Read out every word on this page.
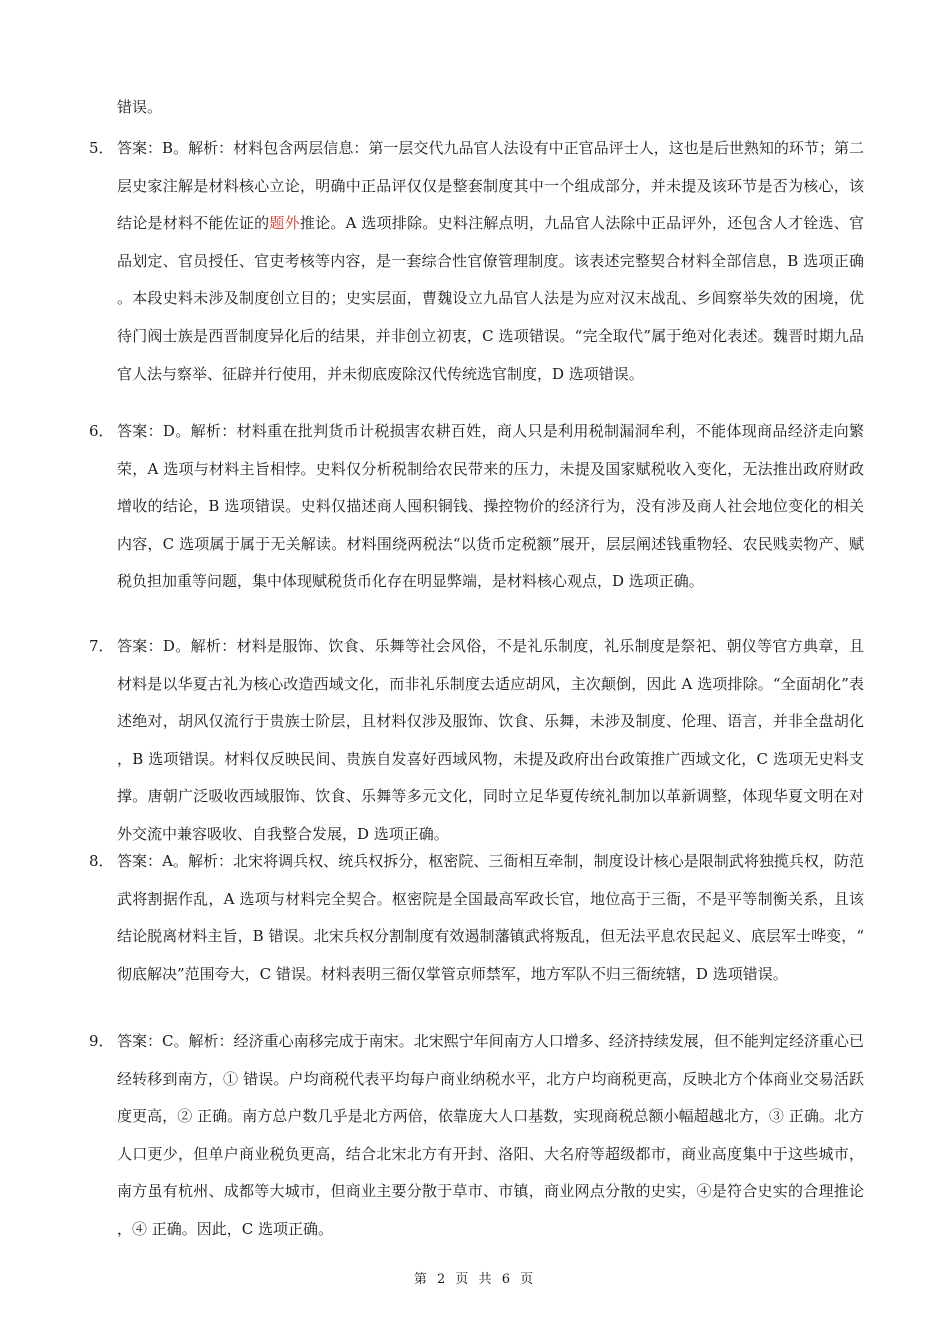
错误。
5． 答案：B。解析：材料包含两层信息：第一层交代九品官人法设有中正官品评士人，这也是后世熟知的环节；第二层史家注解是材料核心立论，明确中正品评仅仅是整套制度其中一个组成部分，并未提及该环节是否为核心，该结论是材料不能佐证的题外推论。A 选项排除。史料注解点明，九品官人法除中正品评外，还包含人才铨选、官品划定、官员授任、官吏考核等内容，是一套综合性官僚管理制度。该表述完整契合材料全部信息，B 选项正确。本段史料未涉及制度创立目的；史实层面，曹魏设立九品官人法是为应对汉末战乱、乡闾察举失效的困境，优待门阀士族是西晋制度异化后的结果，并非创立初衷，C 选项错误。“完全取代”属于绝对化表述。魏晋时期九品官人法与察举、征辟并行使用，并未彻底废除汉代传统选官制度，D 选项错误。
6． 答案：D。解析：材料重在批判货币计税损害农耕百姓，商人只是利用税制漏洞牟利，不能体现商品经济走向繁荣，A 选项与材料主旨相悖。史料仅分析税制给农民带来的压力，未提及国家赋税收入变化，无法推出政府财政增收的结论，B 选项错误。史料仅描述商人囤积铜钱、操控物价的经济行为，没有涉及商人社会地位变化的相关内容，C 选项属于属于无关解读。材料围绕两税法“以货币定税额”展开，层层阐述钱重物轻、农民贱卖物产、赋税负担加重等问题，集中体现赋税货币化存在明显弊端，是材料核心观点，D 选项正确。
7． 答案：D。解析：材料是服饰、饮食、乐舞等社会风俗，不是礼乐制度，礼乐制度是祭祀、朝仪等官方典章，且材料是以华夏古礼为核心改造西域文化，而非礼乐制度去适应胡风，主次颠倒，因此 A 选项排除。“全面胡化”表述绝对，胡风仅流行于贵族士阶层，且材料仅涉及服饰、饮食、乐舞，未涉及制度、伦理、语言，并非全盘胡化，B 选项错误。材料仅反映民间、贵族自发喜好西域风物，未提及政府出台政策推广西域文化，C 选项无史料支撑。唐朝广泛吸收西域服饰、饮食、乐舞等多元文化，同时立足华夏传统礼制加以革新调整，体现华夏文明在对外交流中兼容吸收、自我整合发展，D 选项正确。
8． 答案：A。解析：北宋将调兵权、统兵权拆分，枢密院、三衙相互牵制，制度设计核心是限制武将独揽兵权，防范武将割据作乱，A 选项与材料完全契合。枢密院是全国最高军政长官，地位高于三衙，不是平等制衡关系，且该结论脱离材料主旨，B 错误。北宋兵权分割制度有效遏制藩镇武将叛乱，但无法平息农民起义、底层军士哗变，“彻底解决”范围夸大，C 错误。材料表明三衙仅掌管京师禁军，地方军队不归三衙统辖，D 选项错误。
9． 答案：C。解析：经济重心南移完成于南宋。北宋熙宁年间南方人口增多、经济持续发展，但不能判定经济重心已经转移到南方，① 错误。户均商税代表平均每户商业纳税水平，北方户均商税更高，反映北方个体商业交易活跃度更高，② 正确。南方总户数几乎是北方两倍，依靠庞大人口基数，实现商税总额小幅超越北方，③ 正确。北方人口更少，但单户商业税负更高，结合北宋北方有开封、洛阳、大名府等超级都市，商业高度集中于这些城市，南方虽有杭州、成都等大城市，但商业主要分散于草市、市镇，商业网点分散的史实，④是符合史实的合理推论，④ 正确。因此，C 选项正确。
第 2 页 共 6 页
